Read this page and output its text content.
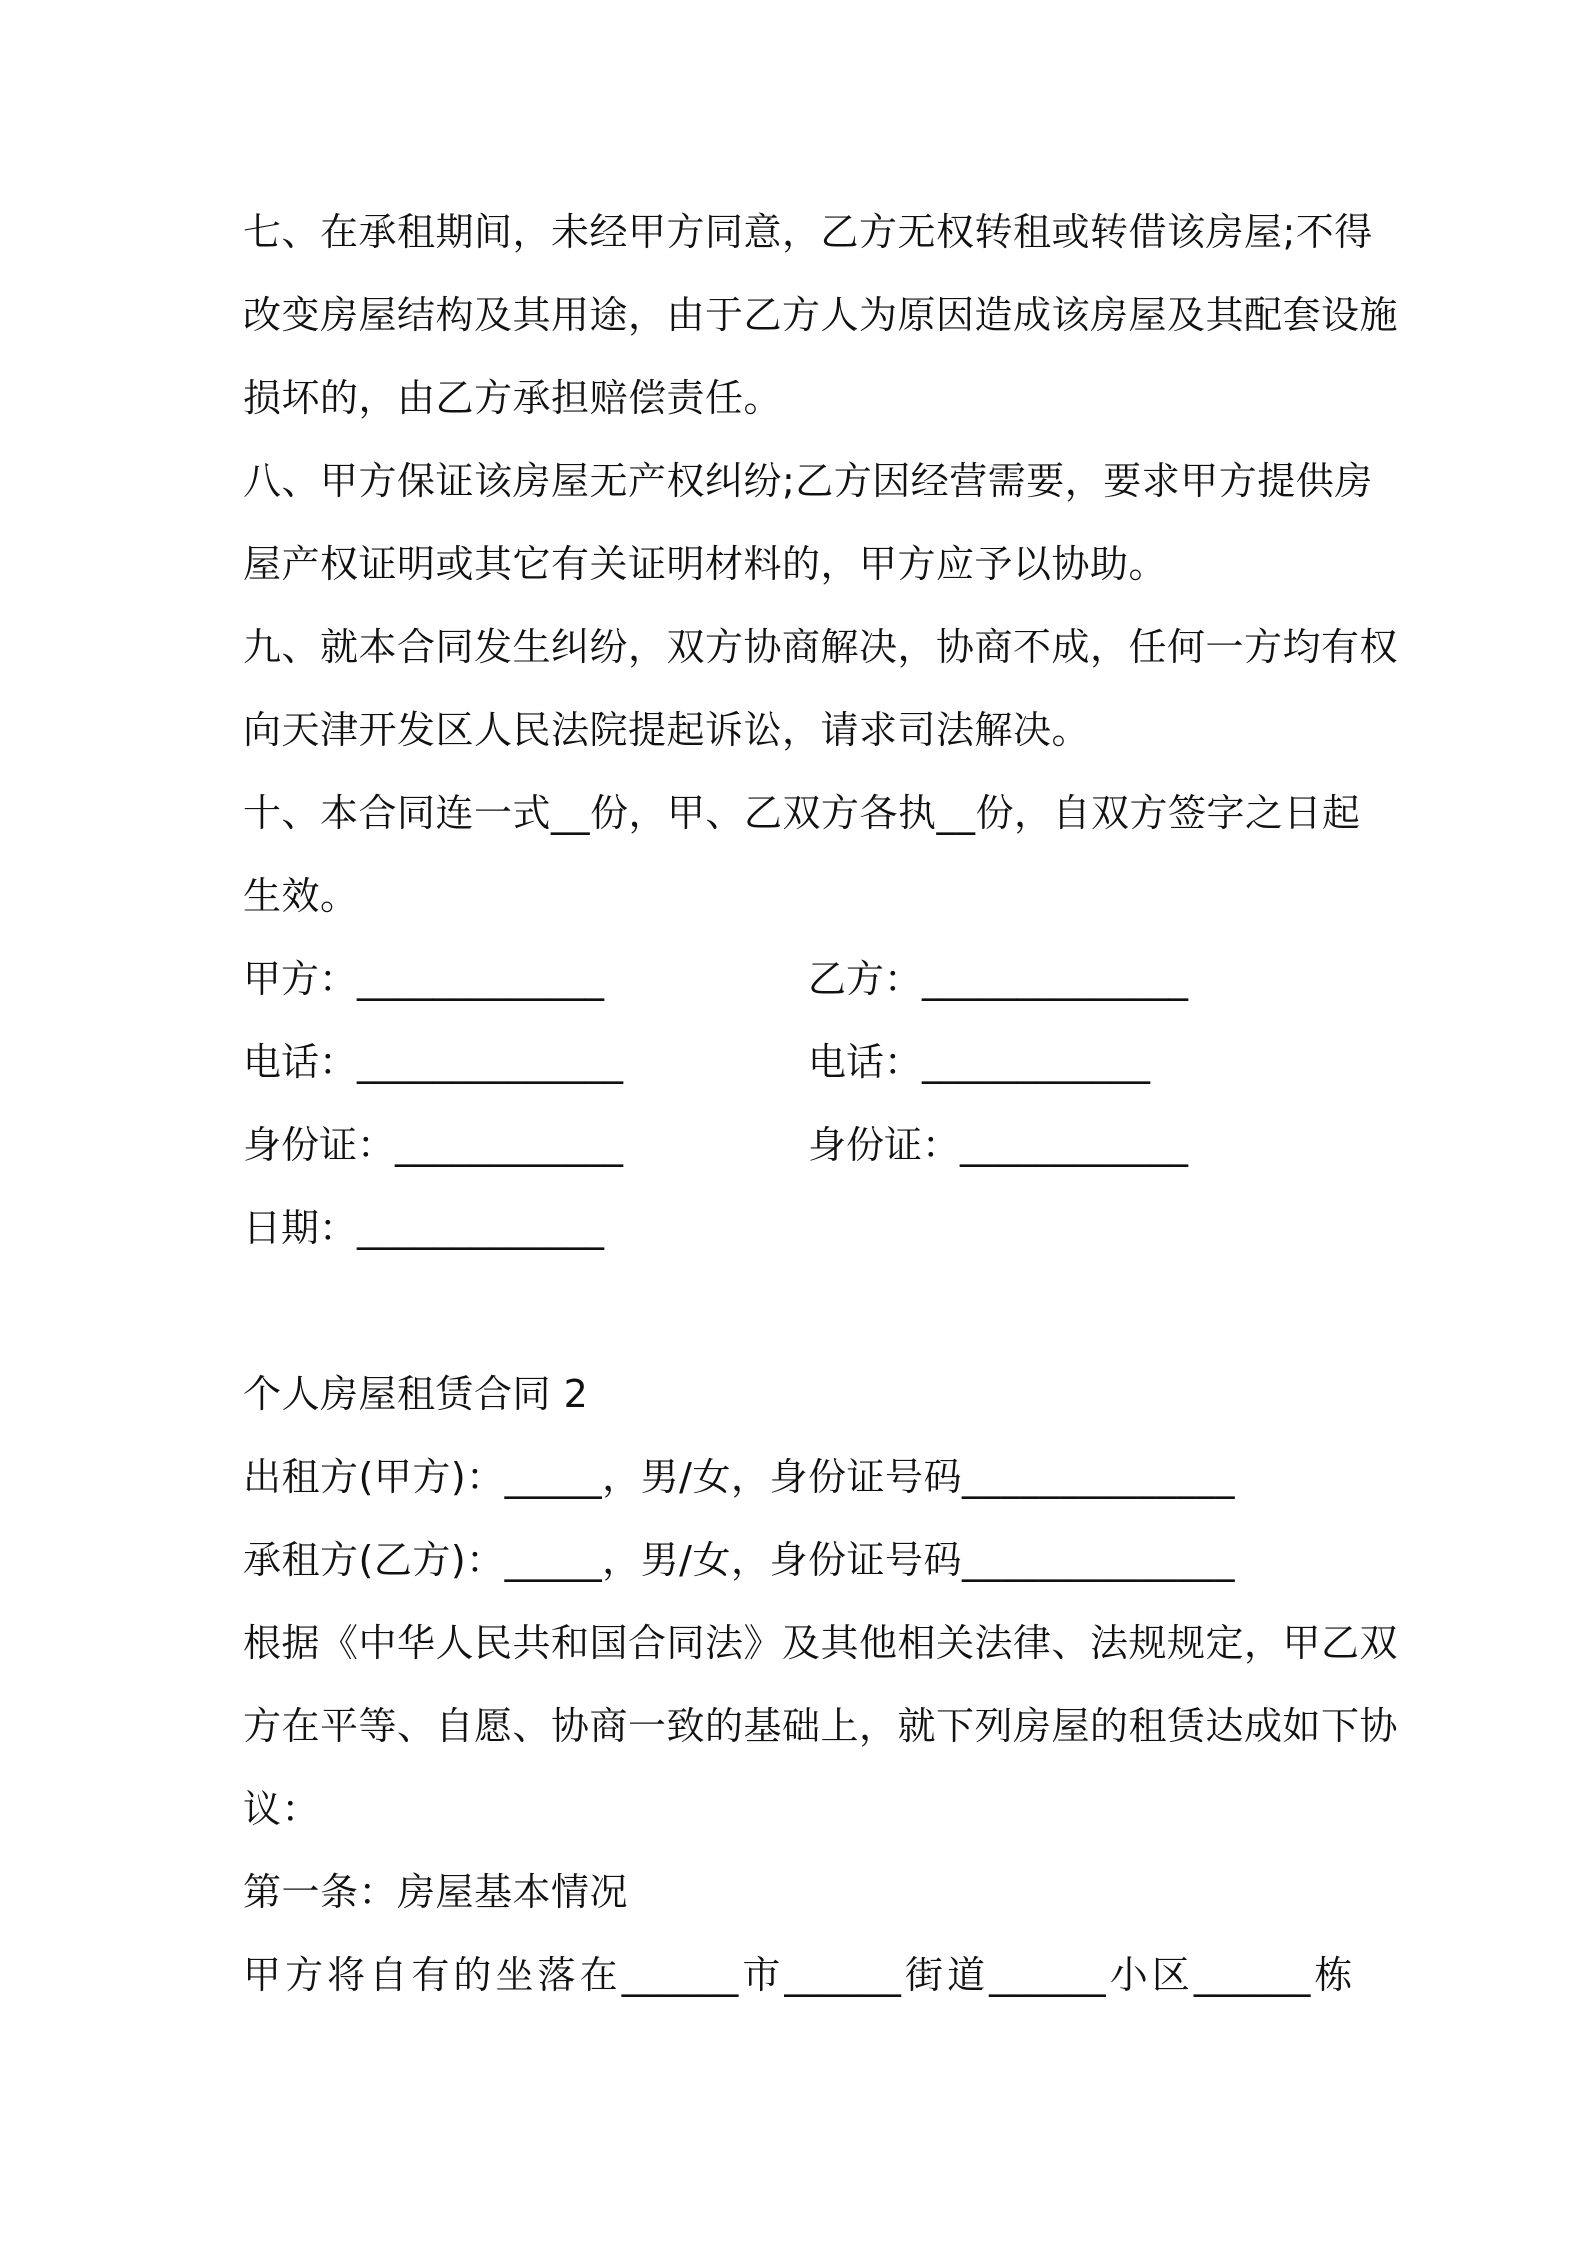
七、在承租期间，未经甲方同意，乙方无权转租或转借该房屋;不得
改变房屋结构及其用途，由于乙方人为原因造成该房屋及其配套设施
损坏的，由乙方承担赔偿责任。
八、甲方保证该房屋无产权纠纷;乙方因经营需要，要求甲方提供房
屋产权证明或其它有关证明材料的，甲方应予以协助。
九、就本合同发生纠纷，双方协商解决，协商不成，任何一方均有权
向天津开发区人民法院提起诉讼，请求司法解决。
十、本合同连一式__份，甲、乙双方各执__份，自双方签字之日起
生效。
甲方：_____________	乙方：______________
电话：______________	电话：____________
身份证：____________	身份证：____________
日期：_____________
个人房屋租赁合同 2
出租方(甲方)：_____，男/女，身份证号码______________
承租方(乙方)：_____，男/女，身份证号码______________
根据《中华人民共和国合同法》及其他相关法律、法规规定，甲乙双
方在平等、自愿、协商一致的基础上，就下列房屋的租赁达成如下协
议：
第一条：房屋基本情况
甲方将自有的坐落在______市______街道______小区______栋
